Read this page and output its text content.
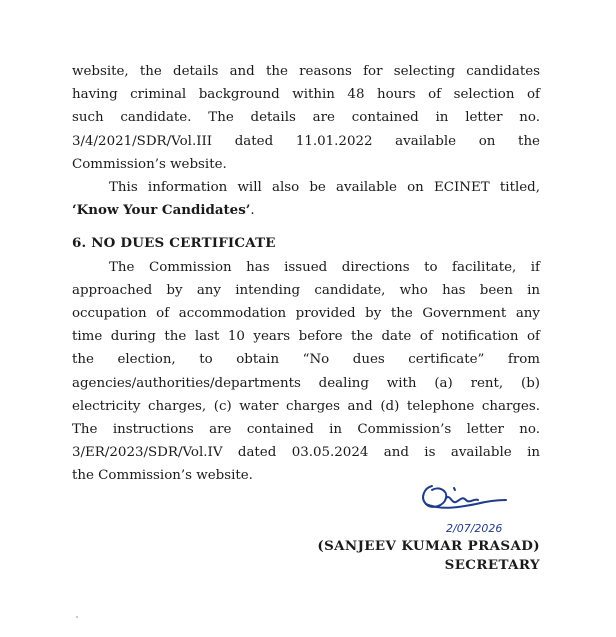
website, the details and the reasons for selecting candidates
having criminal background within 48 hours of selection of
such candidate. The details are contained in letter no.
3/4/2021/SDR/Vol.III dated 11.01.2022 available on the
Commission’s website.

This information will also be available on ECINET titled,
‘Know Your Candidates’.

6. NO DUES CERTIFICATE

The Commission has issued directions to facilitate, if
approached by any intending candidate, who has been in
occupation of accommodation provided by the Government any
time during the last 10 years before the date of notification of
the election, to obtain “No dues certificate” from
agencies/authorities/departments dealing with (a) rent, (b)
electricity charges, (c) water charges and (d) telephone charges.
The instructions are contained in Commission’s letter no.
3/ER/2023/SDR/Vol.IV dated 03.05.2024 and is available in
the Commission’s website.

2/07/2026
(SANJEEV KUMAR PRASAD)
SECRETARY
